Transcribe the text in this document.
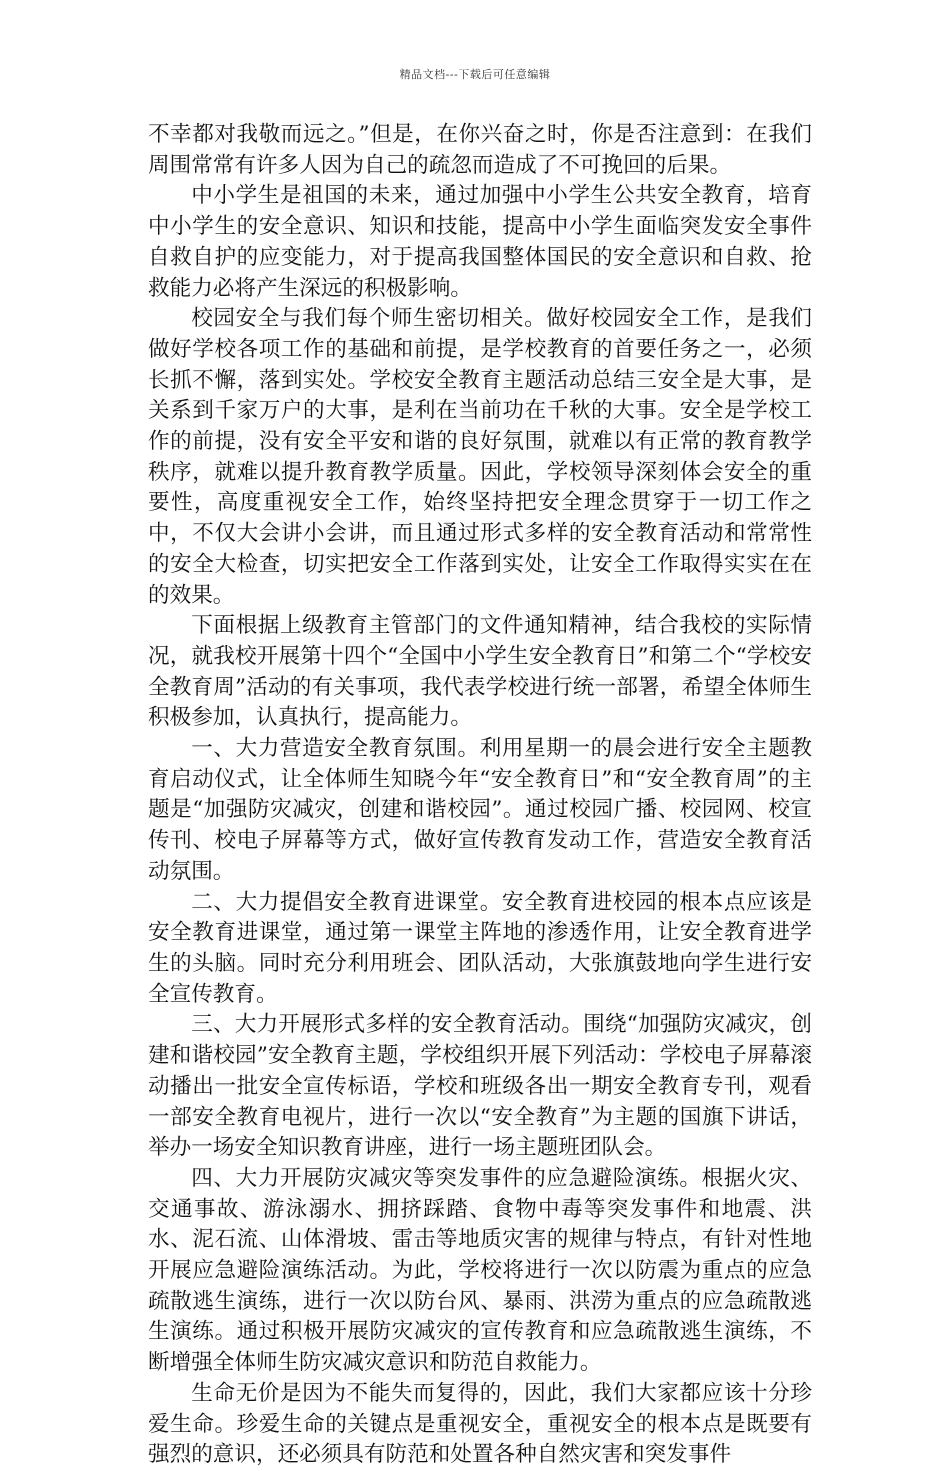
精品文档---下载后可任意编辑

不幸都对我敬而远之。”但是，在你兴奋之时，你是否注意到：在我们周围常常有许多人因为自己的疏忽而造成了不可挽回的后果。

中小学生是祖国的未来，通过加强中小学生公共安全教育，培育中小学生的安全意识、知识和技能，提高中小学生面临突发安全事件自救自护的应变能力，对于提高我国整体国民的安全意识和自救、抢救能力必将产生深远的积极影响。

校园安全与我们每个师生密切相关。做好校园安全工作，是我们做好学校各项工作的基础和前提，是学校教育的首要任务之一，必须长抓不懈，落到实处。学校安全教育主题活动总结三安全是大事，是关系到千家万户的大事，是利在当前功在千秋的大事。安全是学校工作的前提，没有安全平安和谐的良好氛围，就难以有正常的教育教学秩序，就难以提升教育教学质量。因此，学校领导深刻体会安全的重要性，高度重视安全工作，始终坚持把安全理念贯穿于一切工作之中，不仅大会讲小会讲，而且通过形式多样的安全教育活动和常常性的安全大检查，切实把安全工作落到实处，让安全工作取得实实在在的效果。

下面根据上级教育主管部门的文件通知精神，结合我校的实际情况，就我校开展第十四个“全国中小学生安全教育日”和第二个“学校安全教育周”活动的有关事项，我代表学校进行统一部署，希望全体师生积极参加，认真执行，提高能力。

一、大力营造安全教育氛围。利用星期一的晨会进行安全主题教育启动仪式，让全体师生知晓今年“安全教育日”和“安全教育周”的主题是“加强防灾减灾，创建和谐校园”。通过校园广播、校园网、校宣传刊、校电子屏幕等方式，做好宣传教育发动工作，营造安全教育活动氛围。

二、大力提倡安全教育进课堂。安全教育进校园的根本点应该是安全教育进课堂，通过第一课堂主阵地的渗透作用，让安全教育进学生的头脑。同时充分利用班会、团队活动，大张旗鼓地向学生进行安全宣传教育。

三、大力开展形式多样的安全教育活动。围绕“加强防灾减灾，创建和谐校园”安全教育主题，学校组织开展下列活动：学校电子屏幕滚动播出一批安全宣传标语，学校和班级各出一期安全教育专刊，观看一部安全教育电视片，进行一次以“安全教育”为主题的国旗下讲话，举办一场安全知识教育讲座，进行一场主题班团队会。

四、大力开展防灾减灾等突发事件的应急避险演练。根据火灾、交通事故、游泳溺水、拥挤踩踏、食物中毒等突发事件和地震、洪水、泥石流、山体滑坡、雷击等地质灾害的规律与特点，有针对性地开展应急避险演练活动。为此，学校将进行一次以防震为重点的应急疏散逃生演练，进行一次以防台风、暴雨、洪涝为重点的应急疏散逃生演练。通过积极开展防灾减灾的宣传教育和应急疏散逃生演练，不断增强全体师生防灾减灾意识和防范自救能力。

生命无价是因为不能失而复得的，因此，我们大家都应该十分珍爱生命。珍爱生命的关键点是重视安全，重视安全的根本点是既要有强烈的意识，还必须具有防范和处置各种自然灾害和突发事件
